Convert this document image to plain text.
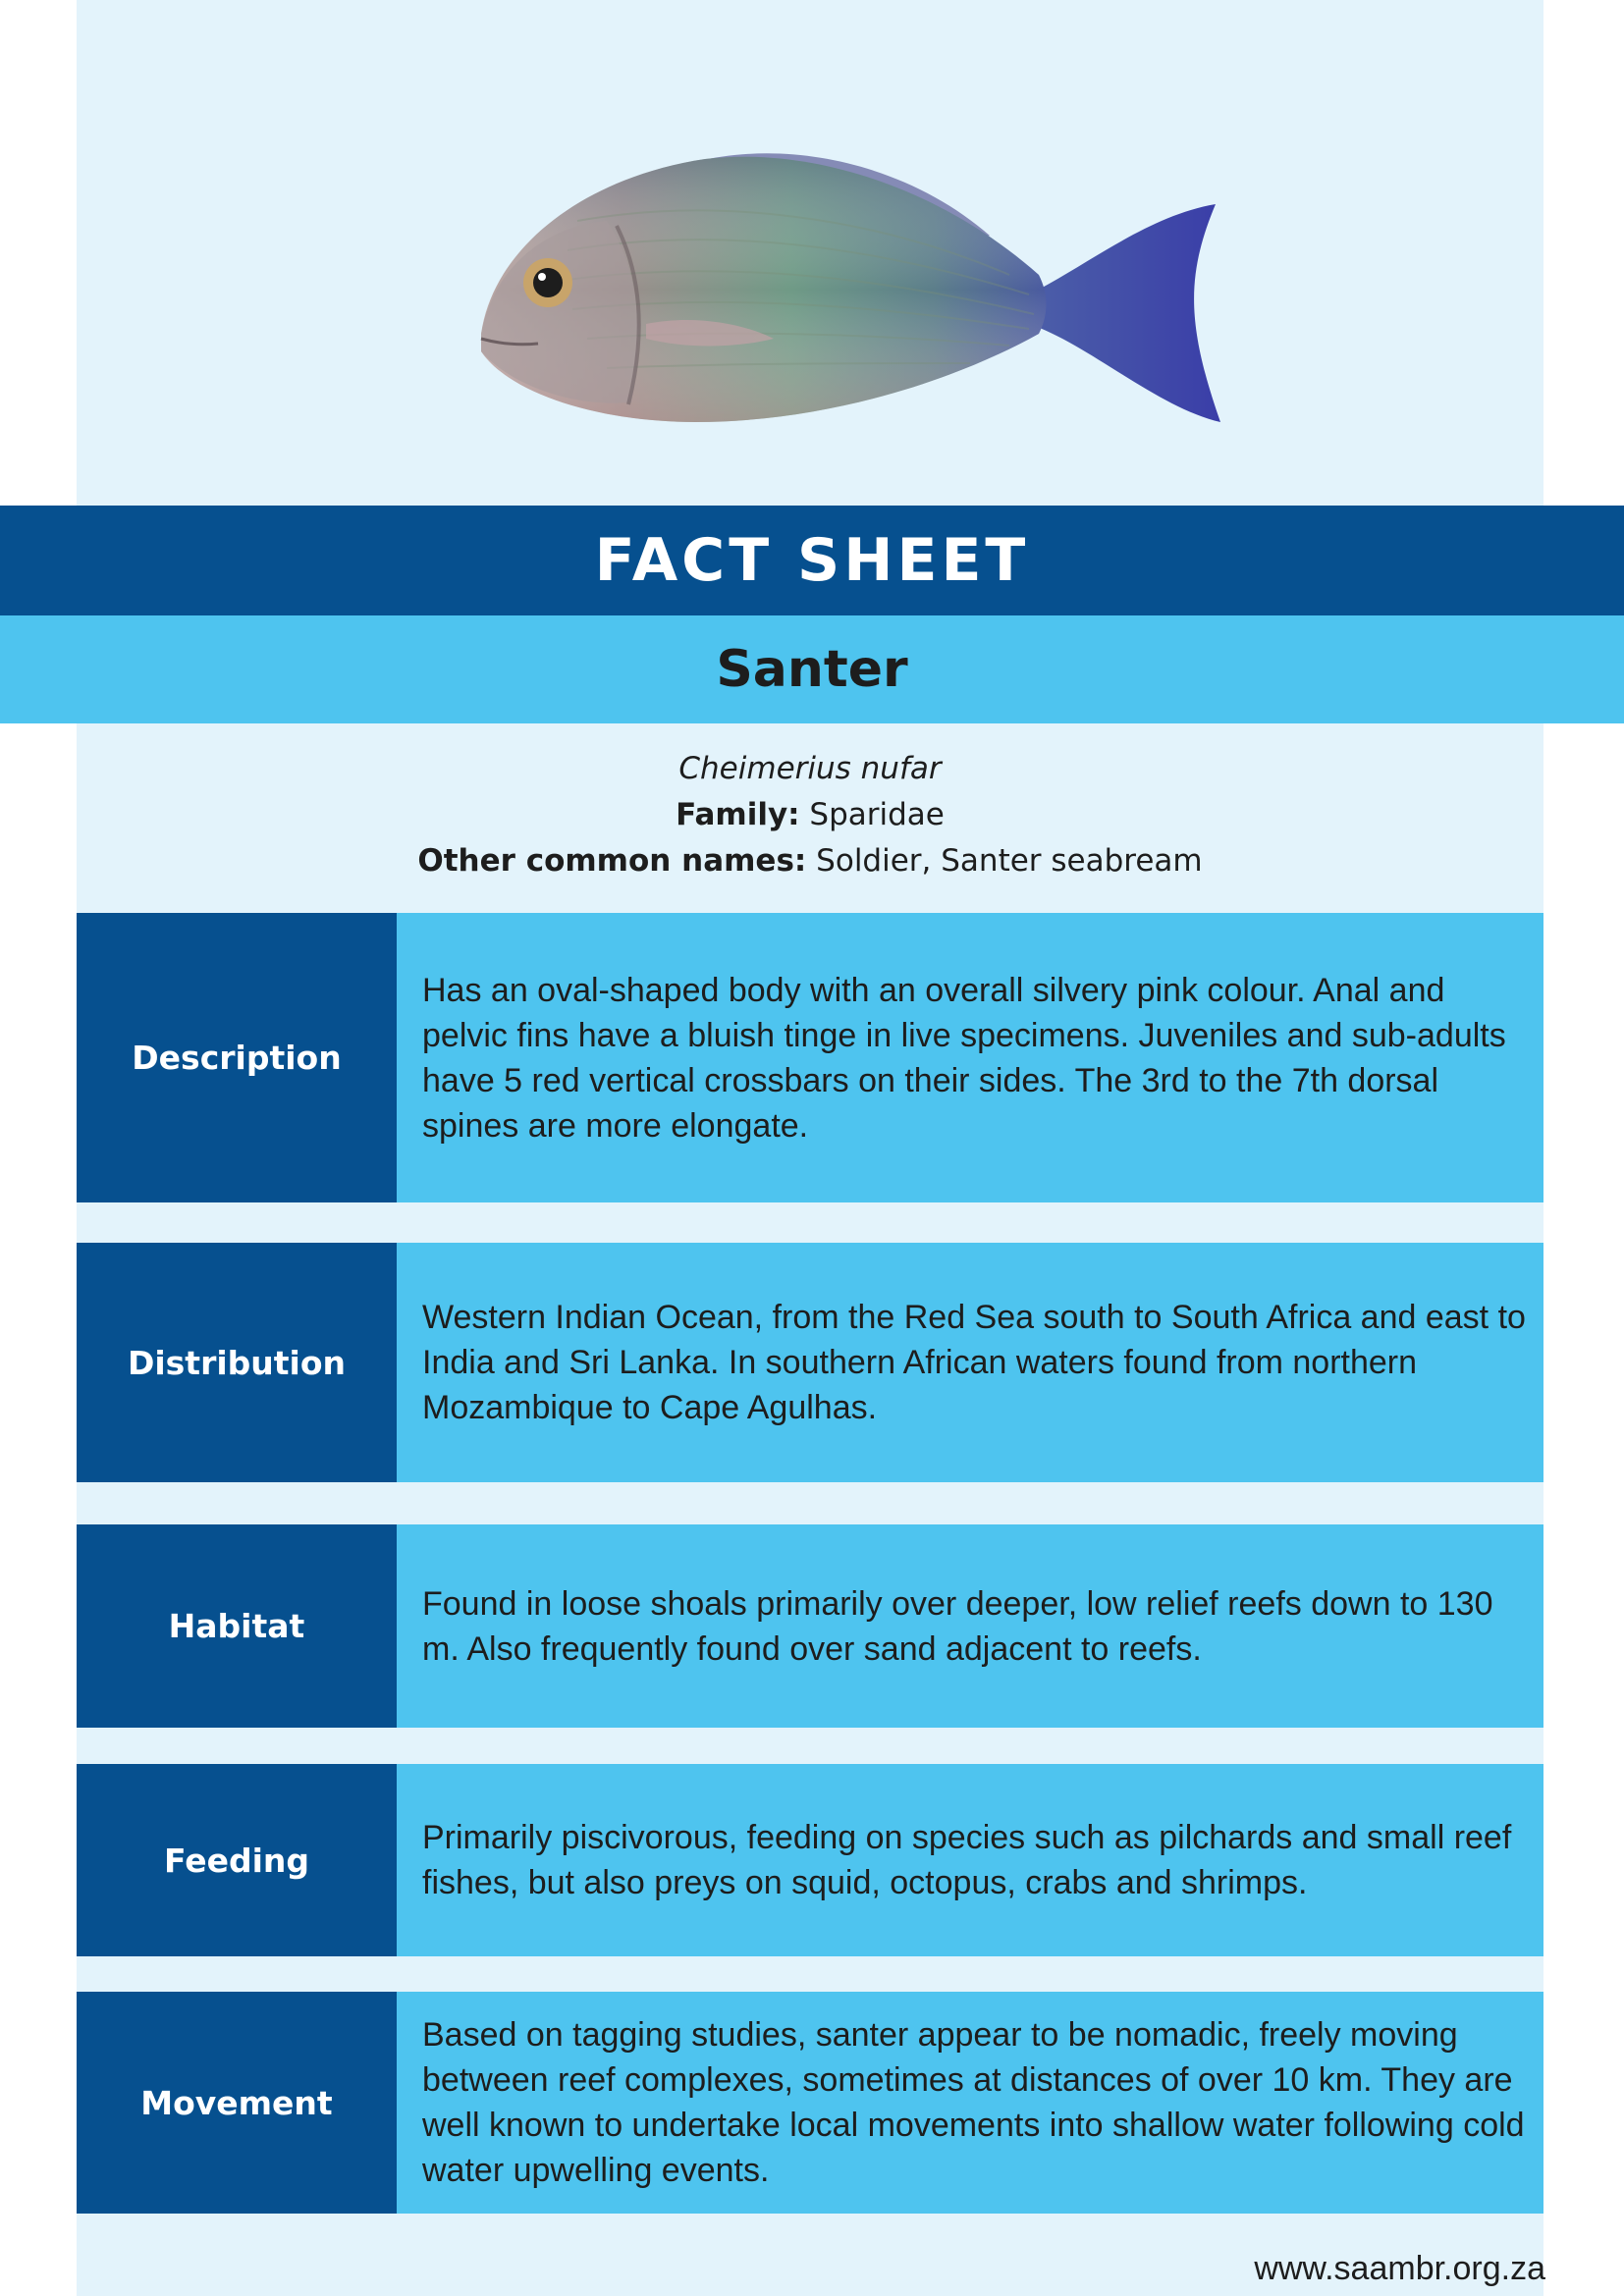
FACT SHEET
Santer
Cheimerius nufar
Family: Sparidae
Other common names: Soldier, Santer seabream
Description
Has an oval-shaped body with an overall silvery pink colour. Anal and pelvic fins have a bluish tinge in live specimens. Juveniles and sub-adults have 5 red vertical crossbars on their sides. The 3rd to the 7th dorsal spines are more elongate.
Distribution
Western Indian Ocean, from the Red Sea south to South Africa and east to India and Sri Lanka. In southern African waters found from northern Mozambique to Cape Agulhas.
Habitat
Found in loose shoals primarily over deeper, low relief reefs down to 130 m. Also frequently found over sand adjacent to reefs.
Feeding
Primarily piscivorous, feeding on species such as pilchards and small reef fishes, but also preys on squid, octopus, crabs and shrimps.
Movement
Based on tagging studies, santer appear to be nomadic, freely moving between reef complexes, sometimes at distances of over 10 km. They are well known to undertake local movements into shallow water following cold water upwelling events.
www.saambr.org.za
